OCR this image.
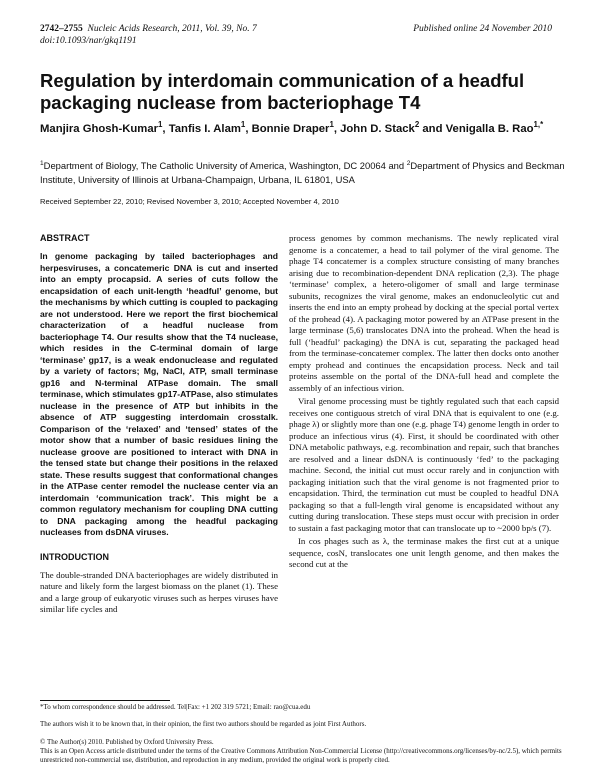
2742–2755 Nucleic Acids Research, 2011, Vol. 39, No. 7
doi:10.1093/nar/gkq1191
Published online 24 November 2010
Regulation by interdomain communication of a headful packaging nuclease from bacteriophage T4
Manjira Ghosh-Kumar$^1$, Tanfis I. Alam$^1$, Bonnie Draper$^1$, John D. Stack$^2$ and Venigalla B. Rao$^{1,*}$
$^1$Department of Biology, The Catholic University of America, Washington, DC 20064 and $^2$Department of Physics and Beckman Institute, University of Illinois at Urbana-Champaign, Urbana, IL 61801, USA
Received September 22, 2010; Revised November 3, 2010; Accepted November 4, 2010
ABSTRACT

In genome packaging by tailed bacteriophages and herpesviruses, a concatemeric DNA is cut and inserted into an empty procapsid. A series of cuts follow the encapsidation of each unit-length ‘headful’ genome, but the mechanisms by which cutting is coupled to packaging are not understood. Here we report the first biochemical characterization of a headful nuclease from bacteriophage T4. Our results show that the T4 nuclease, which resides in the C-terminal domain of large ‘terminase’ gp17, is a weak endonuclease and regulated by a variety of factors; Mg, NaCl, ATP, small terminase gp16 and N-terminal ATPase domain. The small terminase, which stimulates gp17-ATPase, also stimulates nuclease in the presence of ATP but inhibits in the absence of ATP suggesting interdomain crosstalk. Comparison of the ‘relaxed’ and ‘tensed’ states of the motor show that a number of basic residues lining the nuclease groove are positioned to interact with DNA in the tensed state but change their positions in the relaxed state. These results suggest that conformational changes in the ATPase center remodel the nuclease center via an interdomain ‘communication track’. This might be a common regulatory mechanism for coupling DNA cutting to DNA packaging among the headful packaging nucleases from dsDNA viruses.

INTRODUCTION

The double-stranded DNA bacteriophages are widely distributed in nature and likely form the largest biomass on the planet (1). These and a large group of eukaryotic viruses such as herpes viruses have similar life cycles and

process genomes by common mechanisms. The newly replicated viral genome is a concatemer, a head to tail polymer of the viral genome. The phage T4 concatemer is a complex structure consisting of many branches arising due to recombination-dependent DNA replication (2,3). The phage ‘terminase’ complex, a hetero-oligomer of small and large terminase subunits, recognizes the viral genome, makes an endonucleolytic cut and inserts the end into an empty prohead by docking at the special portal vertex of the prohead (4). A packaging motor powered by an ATPase present in the large terminase (5,6) translocates DNA into the prohead. When the head is full (‘headful’ packaging) the DNA is cut, separating the packaged head from the terminase-concatemer complex. The latter then docks onto another empty prohead and continues the encapsidation process. Neck and tail proteins assemble on the portal of the DNA-full head and complete the assembly of an infectious virion.

Viral genome processing must be tightly regulated such that each capsid receives one contiguous stretch of viral DNA that is equivalent to one (e.g. phage λ) or slightly more than one (e.g. phage T4) genome length in order to produce an infectious virus (4). First, it should be coordinated with other DNA metabolic pathways, e.g. recombination and repair, such that branches are resolved and a linear dsDNA is continuously ‘fed’ to the packaging machine. Second, the initial cut must occur rarely and in conjunction with packaging initiation such that the viral genome is not fragmented prior to encapsidation. Third, the termination cut must be coupled to headful DNA packaging so that a full-length viral genome is encapsidated without any cutting during translocation. These steps must occur with precision in order to sustain a fast packaging motor that can translocate up to ~2000 bp/s (7).

In cos phages such as λ, the terminase makes the first cut at a unique sequence, cosN, translocates one unit length genome, and then makes the second cut at the

*To whom correspondence should be addressed. Tel|Fax: +1 202 319 5721; Email: rao@cua.edu

The authors wish it to be known that, in their opinion, the first two authors should be regarded as joint First Authors.

© The Author(s) 2010. Published by Oxford University Press.

This is an Open Access article distributed under the terms of the Creative Commons Attribution Non-Commercial License (http://creativecommons.org/licenses/by-nc/2.5), which permits unrestricted non-commercial use, distribution, and reproduction in any medium, provided the original work is properly cited.
